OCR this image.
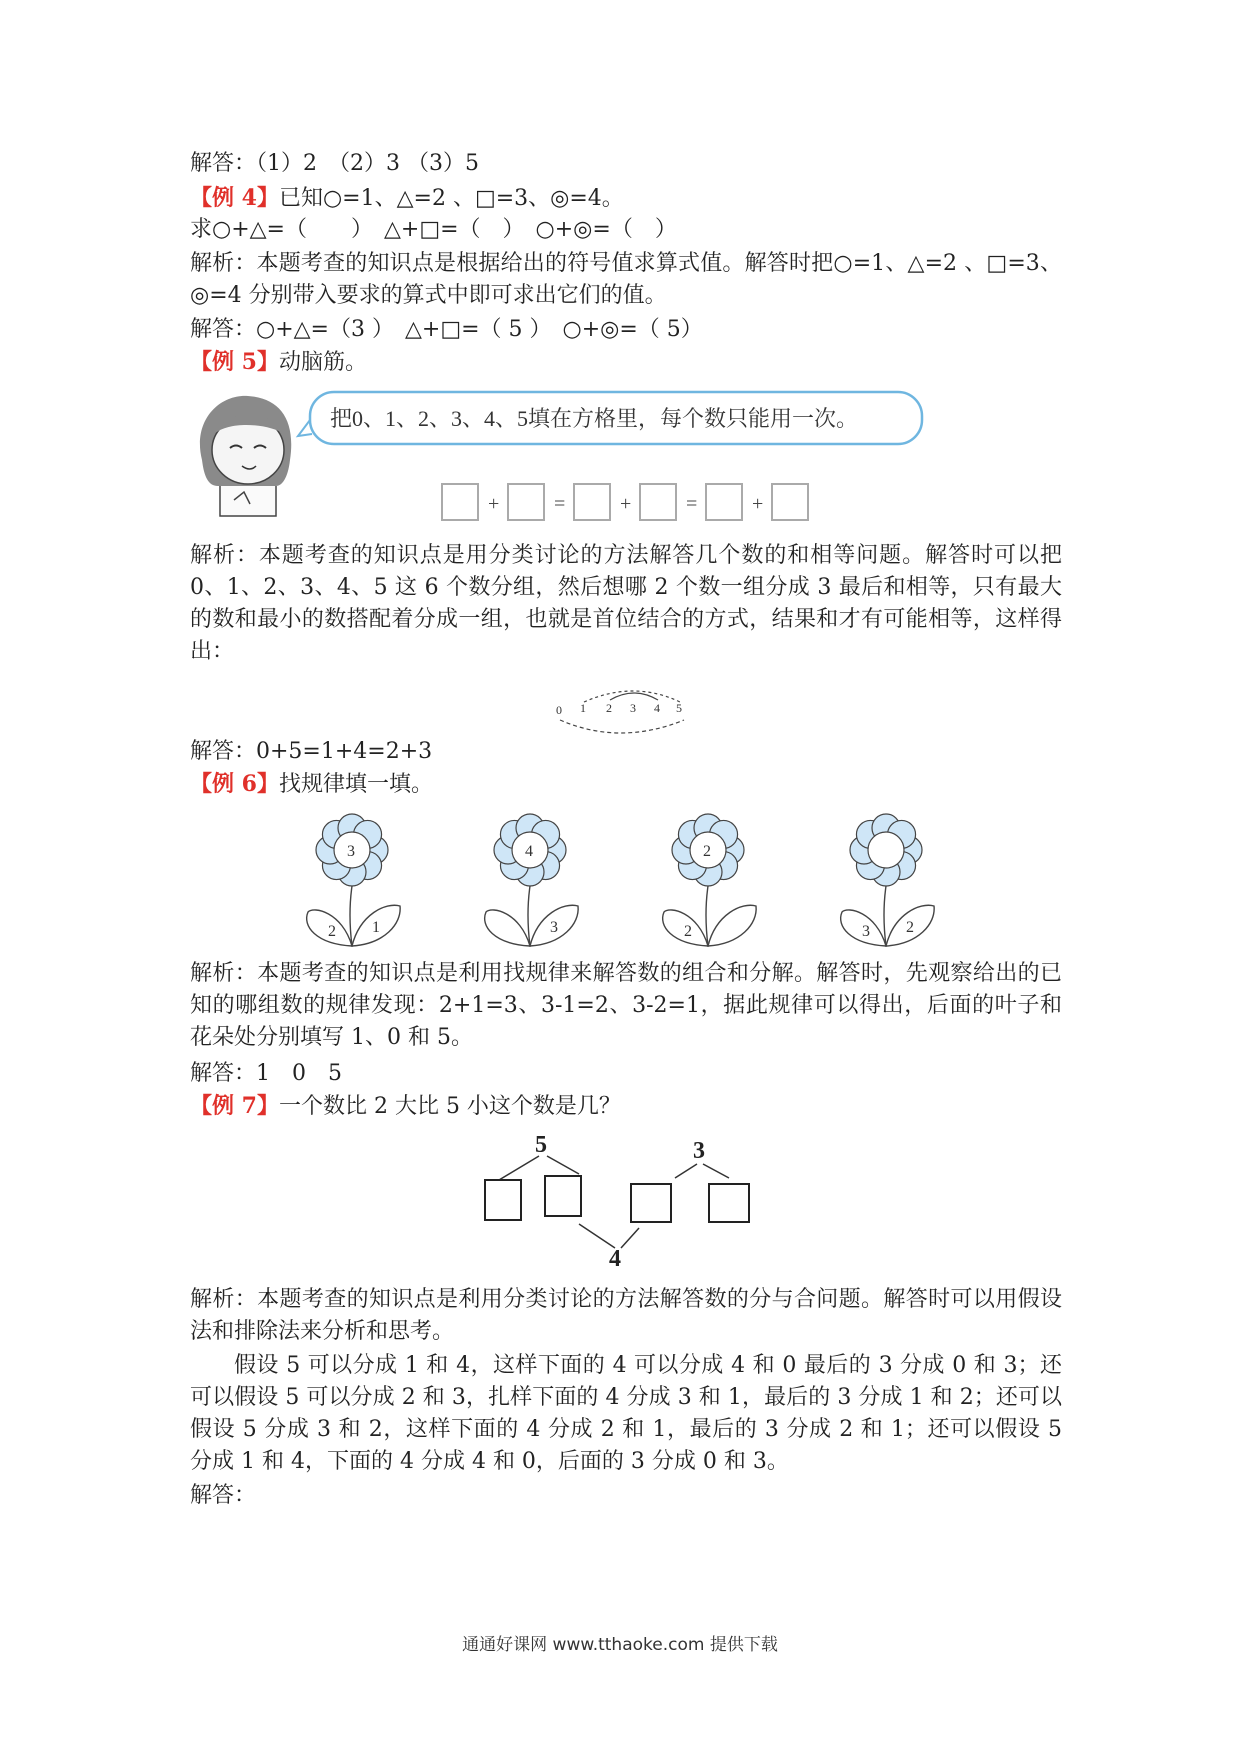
解答：（1）2　（2）3 （3）5
【例 4】已知○=1、△=2 、□=3、◎=4。
求○+△=（　　）　△+□=（　）　○+◎=（　）
解析：本题考查的知识点是根据给出的符号值求算式值。解答时把○=1、△=2 、□=3、◎=4 分别带入要求的算式中即可求出它们的值。
解答：○+△=（3 ）　△+□=（ 5 ）　○+◎=（ 5）
【例 5】动脑筋。
把0、1、2、3、4、5填在方格里，每个数只能用一次。
+	=	+	=	+
解析：本题考查的知识点是用分类讨论的方法解答几个数的和相等问题。解答时可以把 0、1、2、3、4、5 这 6 个数分组，然后想哪 2 个数一组分成 3 最后和相等，只有最大的数和最小的数搭配着分成一组，也就是首位结合的方式，结果和才有可能相等，这样得出：
0 1 2 3 4 5
解答：0+5=1+4=2+3
【例 6】找规律填一填。
3
2 1
4
3
2
2	3 2
解析：本题考查的知识点是利用找规律来解答数的组合和分解。解答时，先观察给出的已知的哪组数的规律发现：2+1=3、3-1=2、3-2=1，据此规律可以得出，后面的叶子和花朵处分别填写 1、0 和 5。
解答：1　0　5
【例 7】一个数比 2 大比 5 小这个数是几？
5	3
4
解析：本题考查的知识点是利用分类讨论的方法解答数的分与合问题。解答时可以用假设法和排除法来分析和思考。
假设 5 可以分成 1 和 4，这样下面的 4 可以分成 4 和 0 最后的 3 分成 0 和 3；还可以假设 5 可以分成 2 和 3，扎样下面的 4 分成 3 和 1，最后的 3 分成 1 和 2；还可以假设 5 分成 3 和 2，这样下面的 4 分成 2 和 1，最后的 3 分成 2 和 1；还可以假设 5 分成 1 和 4，下面的 4 分成 4 和 0，后面的 3 分成 0 和 3。
解答：
通通好课网 www.tthaoke.com 提供下载
